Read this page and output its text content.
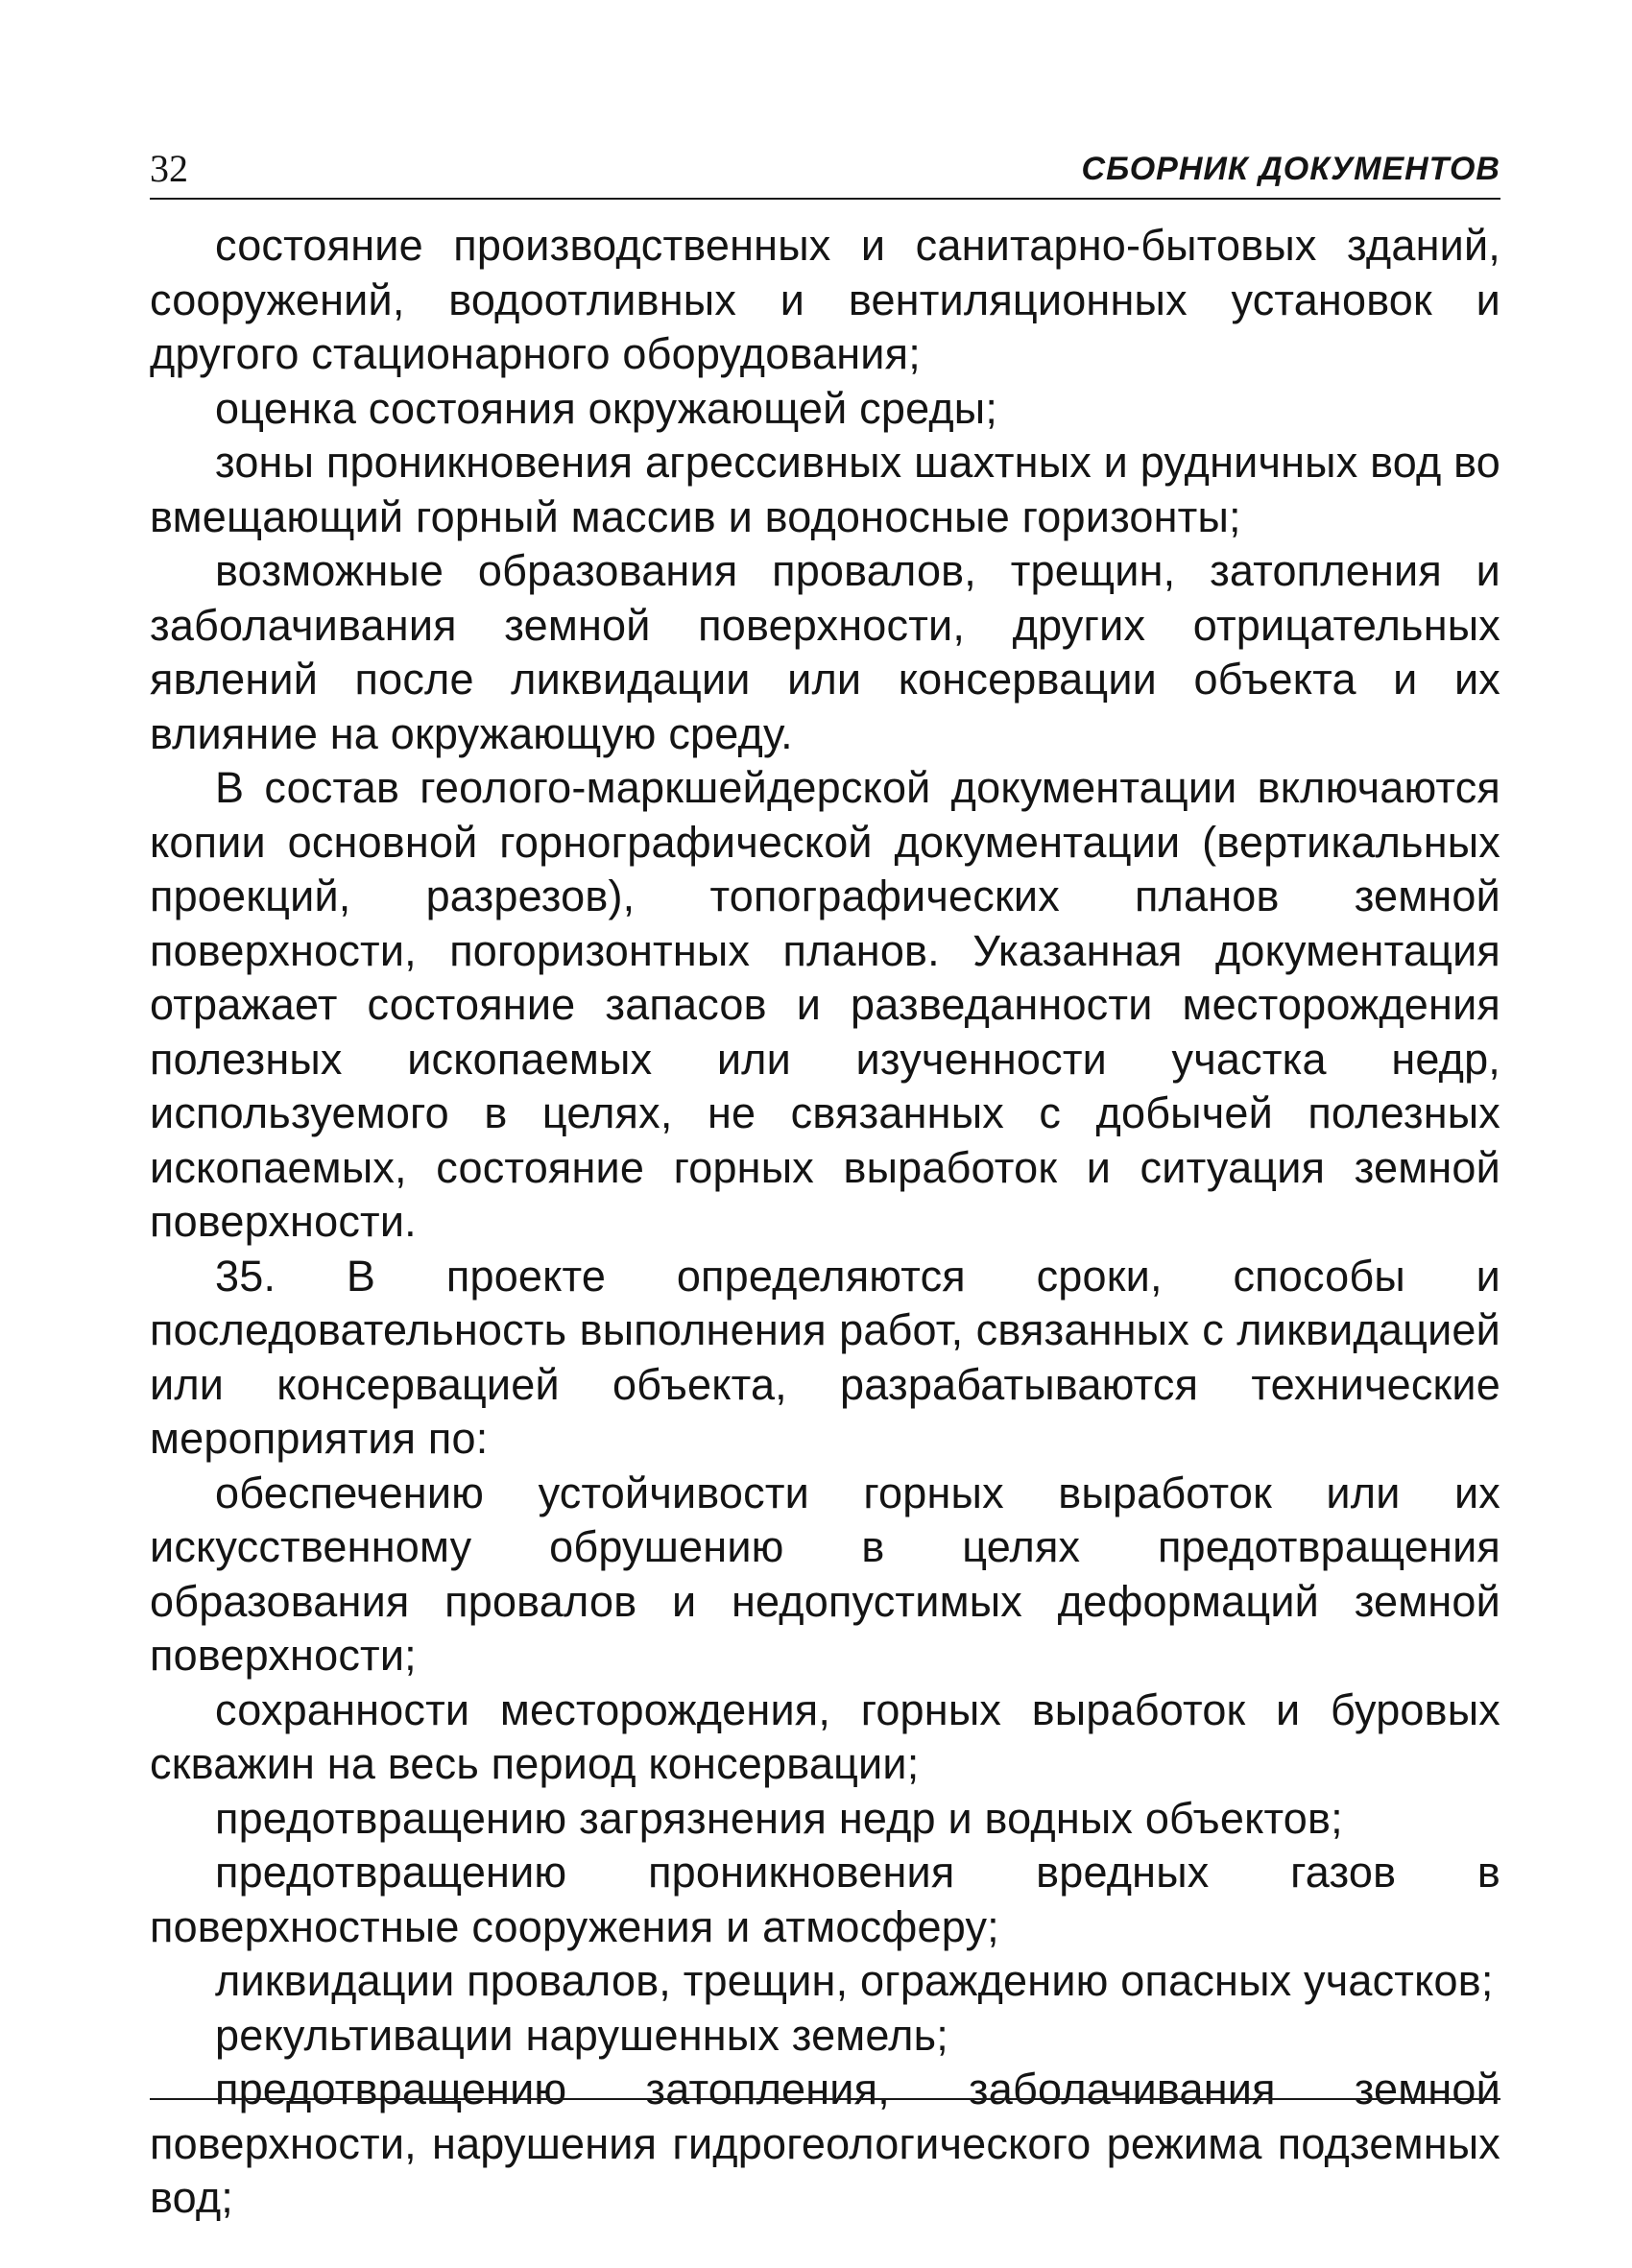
32	СБОРНИК ДОКУМЕНТОВ

состояние производственных и санитарно-бытовых зданий, сооружений, водоотливных и вентиляционных установок и другого стационарного оборудования;

оценка состояния окружающей среды;

зоны проникновения агрессивных шахтных и рудничных вод во вмещающий горный массив и водоносные горизонты;

возможные образования провалов, трещин, затопления и заболачивания земной поверхности, других отрицательных явлений после ликвидации или консервации объекта и их влияние на окружающую среду.

В состав геолого-маркшейдерской документации включаются копии основной горнографической документации (вертикальных проекций, разрезов), топографических планов земной поверхности, погоризонтных планов. Указанная документация отражает состояние запасов и разведанности месторождения полезных ископаемых или изученности участка недр, используемого в целях, не связанных с добычей полезных ископаемых, состояние горных выработок и ситуация земной поверхности.

35. В проекте определяются сроки, способы и последовательность выполнения работ, связанных с ликвидацией или консервацией объекта, разрабатываются технические мероприятия по:

обеспечению устойчивости горных выработок или их искусственному обрушению в целях предотвращения образования провалов и недопустимых деформаций земной поверхности;

сохранности месторождения, горных выработок и буровых скважин на весь период консервации;

предотвращению загрязнения недр и водных объектов;

предотвращению проникновения вредных газов в поверхностные сооружения и атмосферу;

ликвидации провалов, трещин, ограждению опасных участков;

рекультивации нарушенных земель;

предотвращению затопления, заболачивания земной поверхности, нарушения гидрогеологического режима подземных вод;
